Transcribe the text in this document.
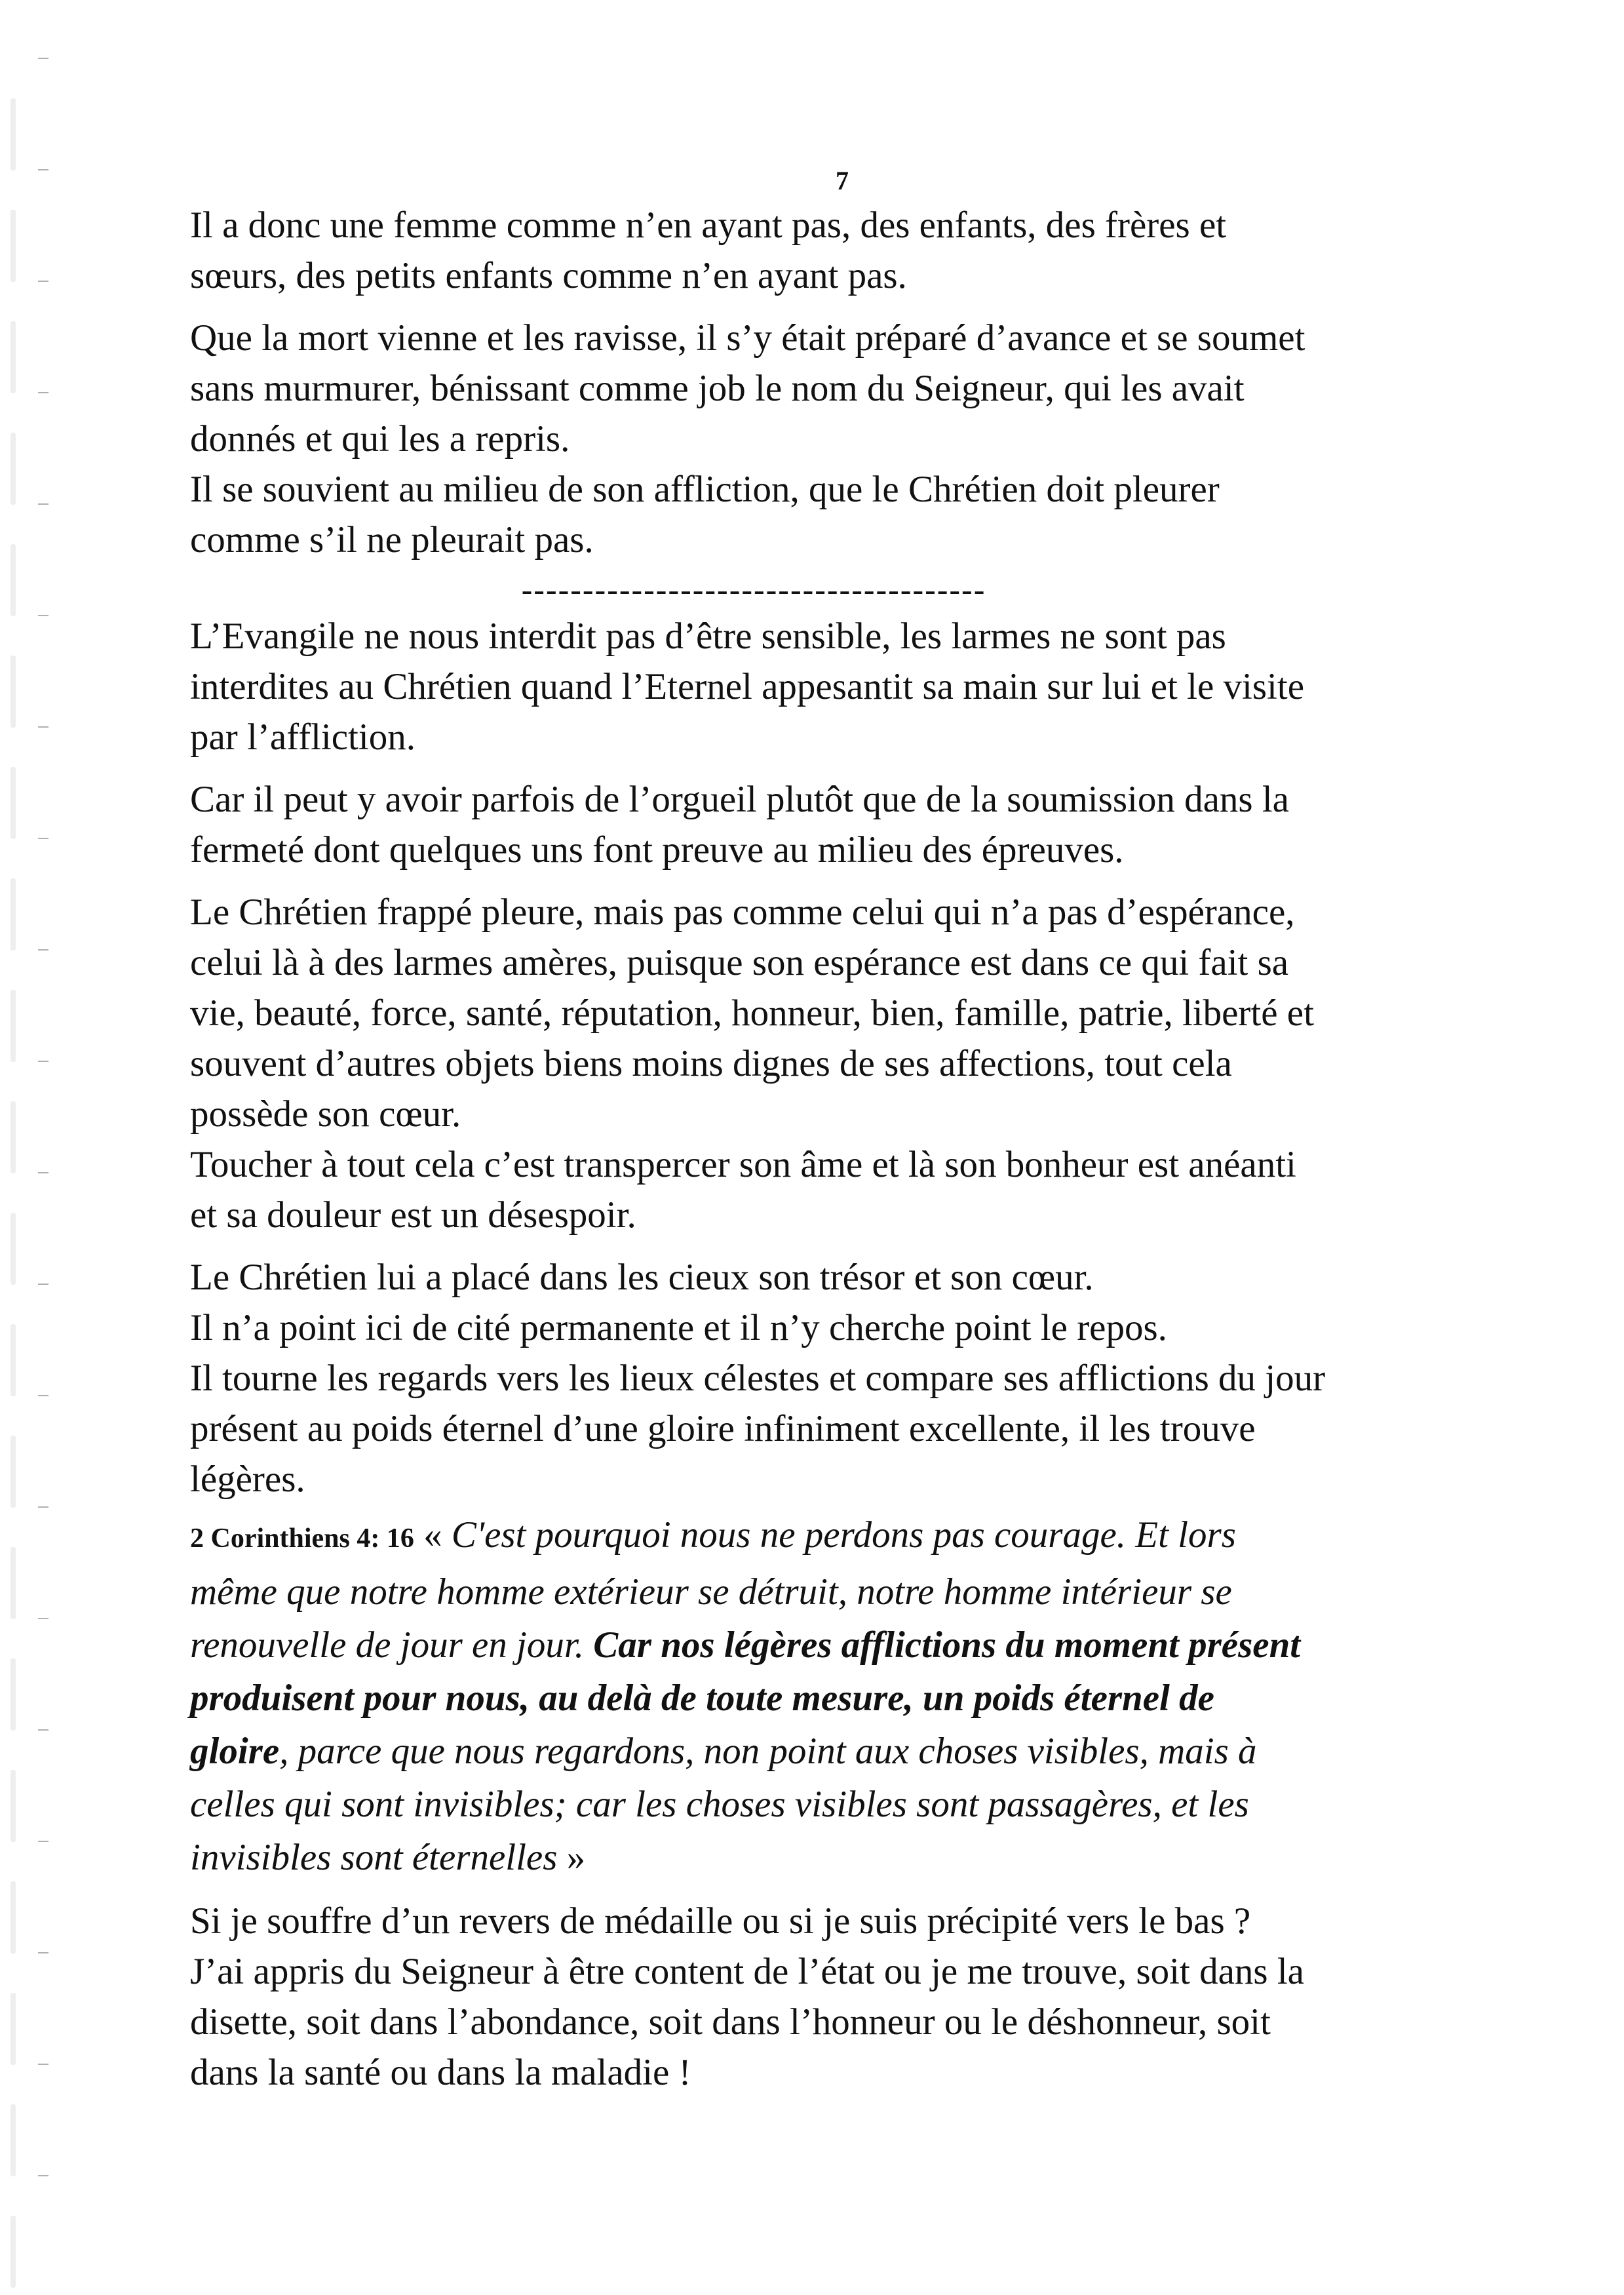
7

Il a donc une femme comme n’en ayant pas, des enfants, des frères et
sœurs, des petits enfants comme n’en ayant pas.

Que la mort vienne et les ravisse, il s’y était préparé d’avance et se soumet
sans murmurer, bénissant comme job le nom du Seigneur, qui les avait
donnés et qui les a repris.
Il se souvient au milieu de son affliction, que le Chrétien doit pleurer
comme s’il ne pleurait pas.

--------------------------------------

L’Evangile ne nous interdit pas d’être sensible, les larmes ne sont pas
interdites au Chrétien quand l’Eternel appesantit sa main sur lui et le visite
par l’affliction.

Car il peut y avoir parfois de l’orgueil plutôt que de la soumission dans la
fermeté dont quelques uns font preuve au milieu des épreuves.

Le Chrétien frappé pleure, mais pas comme celui qui n’a pas d’espérance,
celui là à des larmes amères, puisque son espérance est dans ce qui fait sa
vie, beauté, force, santé, réputation, honneur, bien, famille, patrie, liberté et
souvent d’autres objets biens moins dignes de ses affections, tout cela
possède son cœur.
Toucher à tout cela c’est transpercer son âme et là son bonheur est anéanti
et sa douleur est un désespoir.

Le Chrétien lui a placé dans les cieux son trésor et son cœur.
Il n’a point ici de cité permanente et il n’y cherche point le repos.
Il tourne les regards vers les lieux célestes et compare ses afflictions du jour
présent au poids éternel d’une gloire infiniment excellente, il les trouve
légères.

2 Corinthiens 4: 16 « C'est pourquoi nous ne perdons pas courage. Et lors
même que notre homme extérieur se détruit, notre homme intérieur se
renouvelle de jour en jour. Car nos légères afflictions du moment présent
produisent pour nous, au delà de toute mesure, un poids éternel de
gloire, parce que nous regardons, non point aux choses visibles, mais à
celles qui sont invisibles; car les choses visibles sont passagères, et les
invisibles sont éternelles »

Si je souffre d’un revers de médaille ou si je suis précipité vers le bas ?
J’ai appris du Seigneur à être content de l’état ou je me trouve, soit dans la
disette, soit dans l’abondance, soit dans l’honneur ou le déshonneur, soit
dans la santé ou dans la maladie !
